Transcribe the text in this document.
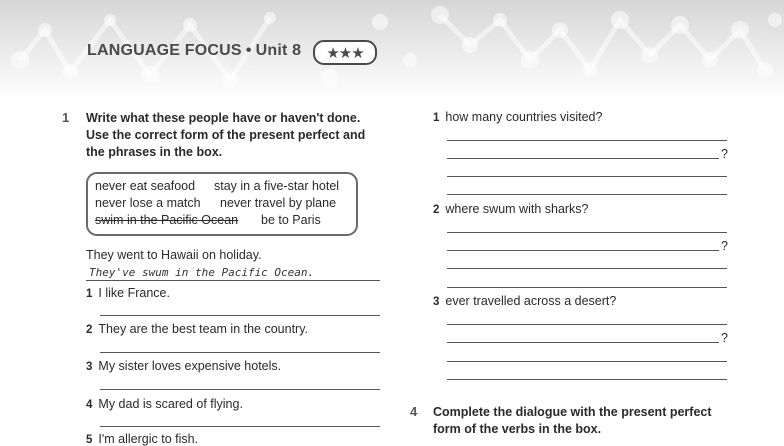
LANGUAGE FOCUS • Unit 8 ★★★
1 Write what these people have or haven't done.
Use the correct form of the present perfect and
the phrases in the box.
never eat seafood stay in a five-star hotel
never lose a match never travel by plane
swim in the Pacific Ocean be to Paris
They went to Hawaii on holiday.
They've swum in the Pacific Ocean.
1 I like France.
2 They are the best team in the country.
3 My sister loves expensive hotels.
4 My dad is scared of flying.
5 I'm allergic to fish.
1 how many countries visited?
?
2 where swum with sharks?
?
3 ever travelled across a desert?
?
4 Complete the dialogue with the present perfect
form of the verbs in the box.
